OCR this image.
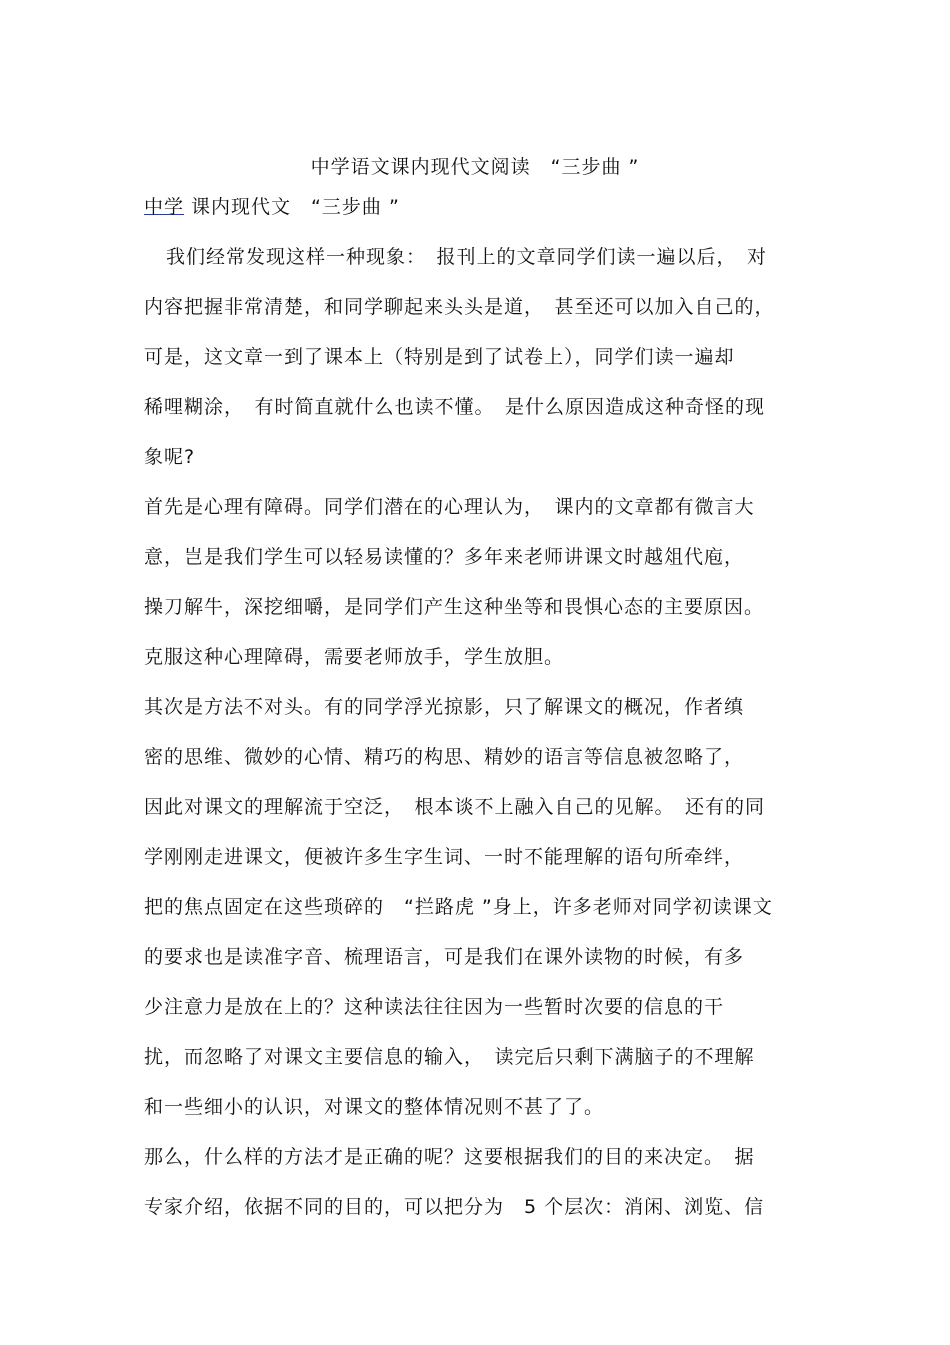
中学语文课内现代文阅读　“三步曲 ”
中学 课内现代文　“三步曲 ”
我们经常发现这样一种现象：　报刊上的文章同学们读一遍以后，　对
内容把握非常清楚，和同学聊起来头头是道，　甚至还可以加入自己的，
可是，这文章一到了课本上（特别是到了试卷上），同学们读一遍却
稀哩糊涂，　有时简直就什么也读不懂。　是什么原因造成这种奇怪的现
象呢?
首先是心理有障碍。同学们潜在的心理认为，　课内的文章都有微言大
意，岂是我们学生可以轻易读懂的？多年来老师讲课文时越俎代庖，
操刀解牛，深挖细嚼，是同学们产生这种坐等和畏惧心态的主要原因。
克服这种心理障碍，需要老师放手，学生放胆。
其次是方法不对头。有的同学浮光掠影，只了解课文的概况，作者缜
密的思维、微妙的心情、精巧的构思、精妙的语言等信息被忽略了，
因此对课文的理解流于空泛，　根本谈不上融入自己的见解。　还有的同
学刚刚走进课文，便被许多生字生词、一时不能理解的语句所牵绊，
把的焦点固定在这些琐碎的　“拦路虎 ”身上，许多老师对同学初读课文
的要求也是读准字音、梳理语言，可是我们在课外读物的时候，有多
少注意力是放在上的？这种读法往往因为一些暂时次要的信息的干
扰，而忽略了对课文主要信息的输入，　读完后只剩下满脑子的不理解
和一些细小的认识，对课文的整体情况则不甚了了。
那么，什么样的方法才是正确的呢？这要根据我们的目的来决定。　据
专家介绍，依据不同的目的，可以把分为　5 个层次：消闲、浏览、信
